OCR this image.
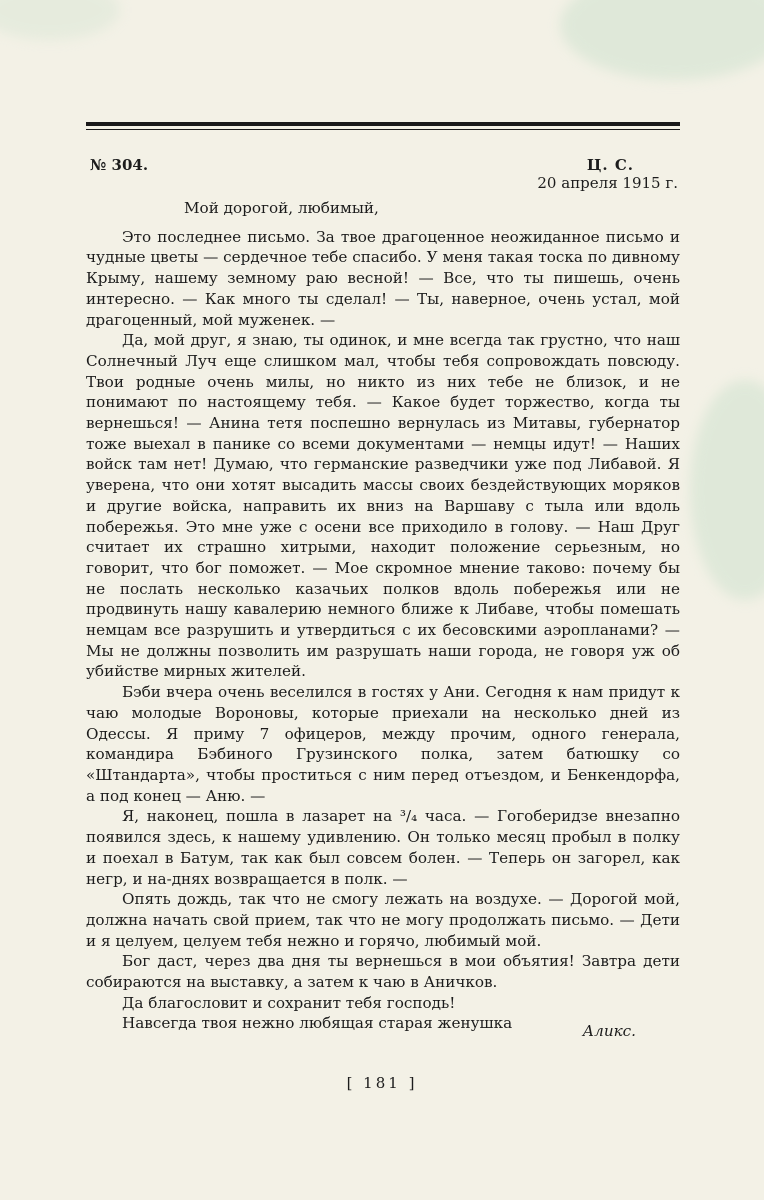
№ 304.	Ц. С.
20 апреля 1915 г.

Мой дорогой, любимый,

Это последнее письмо. За твое драгоценное неожиданное письмо и чудные цветы — сердечное тебе спасибо. У меня такая тоска по дивному Крыму, нашему земному раю весной! — Все, что ты пишешь, очень интересно. — Как много ты сделал! — Ты, наверное, очень устал, мой драгоценный, мой муженек. —

Да, мой друг, я знаю, ты одинок, и мне всегда так грустно, что наш Солнечный Луч еще слишком мал, чтобы тебя сопровождать повсюду. Твои родные очень милы, но никто из них тебе не близок, и не понимают по настоящему тебя. — Какое будет торжество, когда ты вернешься! — Анина тетя поспешно вернулась из Митавы, губернатор тоже выехал в панике со всеми документами — немцы идут! — Наших войск там нет! Думаю, что германские разведчики уже под Либавой. Я уверена, что они хотят высадить массы своих бездействующих моряков и другие войска, направить их вниз на Варшаву с тыла или вдоль побережья. Это мне уже с осени все приходило в голову. — Наш Друг считает их страшно хитрыми, находит положение серьезным, но говорит, что бог поможет. — Мое скромное мнение таково: почему бы не послать несколько казачьих полков вдоль побережья или не продвинуть нашу кавалерию немного ближе к Либаве, чтобы помешать немцам все разрушить и утвердиться с их бесовскими аэропланами? — Мы не должны позволить им разрушать наши города, не говоря уж об убийстве мирных жителей.

Бэби вчера очень веселился в гостях у Ани. Сегодня к нам придут к чаю молодые Вороновы, которые приехали на несколько дней из Одессы. Я приму 7 офицеров, между прочим, одного генерала, командира Бэбиного Грузинского полка, затем батюшку со «Штандарта», чтобы проститься с ним перед отъездом, и Бенкендорфа, а под конец — Аню. —

Я, наконец, пошла в лазарет на ³/₄ часа. — Гогоберидзе внезапно появился здесь, к нашему удивлению. Он только месяц пробыл в полку и поехал в Батум, так как был совсем болен. — Теперь он загорел, как негр, и на-днях возвращается в полк. —

Опять дождь, так что не смогу лежать на воздухе. — Дорогой мой, должна начать свой прием, так что не могу продолжать письмо. — Дети и я целуем, целуем тебя нежно и горячо, любимый мой.

Бог даст, через два дня ты вернешься в мои объятия! Завтра дети собираются на выставку, а затем к чаю в Аничков.

Да благословит и сохранит тебя господь!

Навсегда твоя нежно любящая старая женушка	Аликс.

[ 181 ]
